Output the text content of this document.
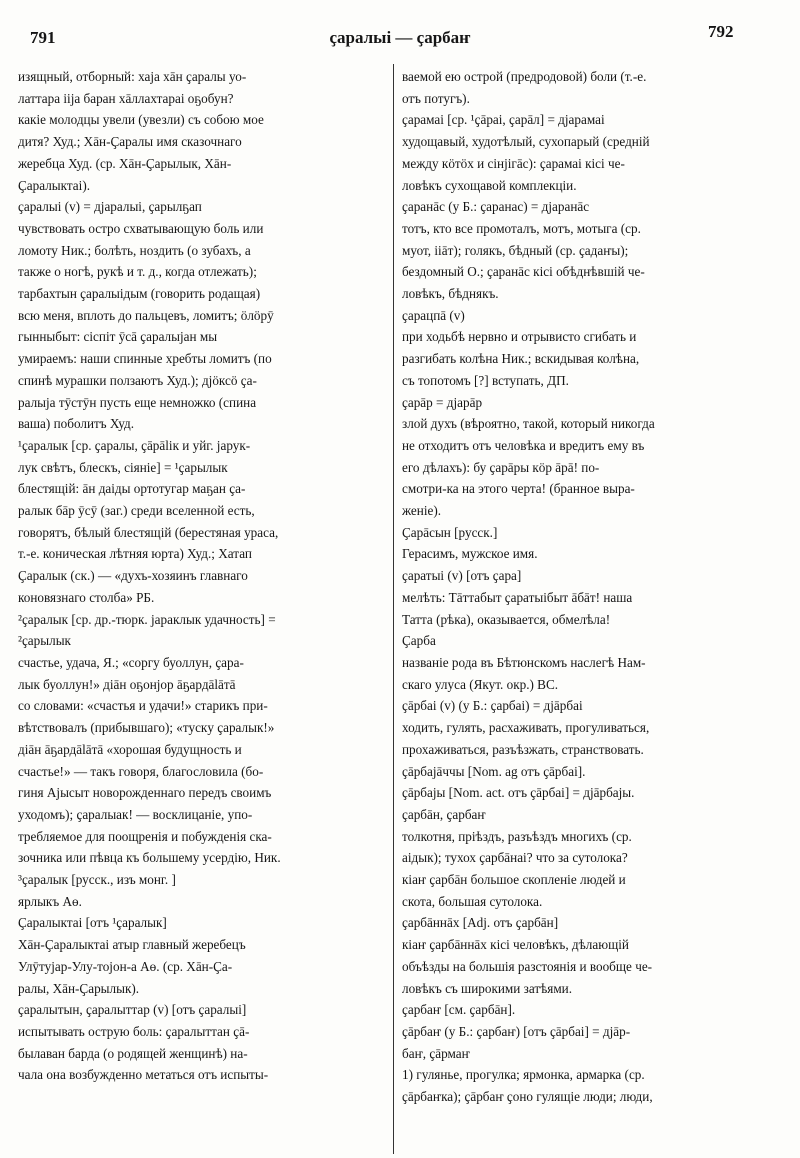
791	ҫаралыі — ҫарбаҥ	792
изящный, отборный: хаја хāн ҫаралы уо-
латтара ііја баран хāллахтараі оҕобун?
какіе молодцы увели (увезли) съ собою мое
дитя? Худ.; Хāн-Ҫаралы имя сказочнаго
жеребца Худ. (ср. Хāн-Ҫарылык, Хāн-
Ҫаралыктаі).
ҫаралыі (v) = дјаралыі, ҫарылҕап
чувствовать остро схватывающую боль или
ломоту Ник.; болѣть, ноздить (о зубахъ, а
также о ногѣ, рукѣ и т. д., когда отлежать);
тарбахтын ҫаралыідым (говорить родащая)
всю меня, вплоть до пальцевъ, ломитъ; ӧлӧрӯ
гынныбыт: сіспіт ӯсā ҫаралыјан мы
умираемъ: наши спинные хребты ломитъ (по
спинѣ мурашки ползаютъ Худ.); дјӧксӧ ҫа-
ралыја тӯстӯн пусть еще немножко (спина
ваша) поболитъ Худ.
¹ҫаралык [ср. ҫаралы, ҫāрālік и уйг. јарук-
лук свѣтъ, блескъ, сіяніе] = ¹ҫарылык
блестящій: āн даіды ортотугар маҕан ҫа-
ралык бāр ӯсӯ (заг.) среди вселенной есть,
говорятъ, бѣлый блестящій (берестяная ураса,
т.-е. коническая лѣтняя юрта) Худ.; Хатап
Ҫаралык (ск.) — «духъ-хозяинъ главнаго
коновязнаго столба» РБ.
²ҫаралык [ср. др.-тюрк. јараклык удачность] =
²ҫарылык
счастье, удача, Я.; «соргу буоллун, ҫара-
лык буоллун!» діāн оҕонјор āҕардālāтā
со словами: «счастья и удачи!» старикъ при-
вѣтствовалъ (прибывшаго); «тускy ҫаралык!»
діāн āҕардālāтā «хорошая будущность и
счастье!» — такъ говоря, благословила (бо-
гиня Ајысыт новорожденнаго передъ своимъ
уходомъ); ҫаралыак! — восклицаніе, упо-
требляемое для поощренія и побужденія ска-
зочника или пѣвца къ большему усердію, Ник.
³ҫаралык [русск., изъ монг. ]
ярлыкъ Аө.
Ҫаралыктаі [отъ ¹ҫаралык]
Хāн-Ҫаралыктаі атыр главный жеребецъ
Улӯтујар-Улу-тојон-а Аө. (ср. Хāн-Ҫа-
ралы, Хāн-Ҫарылык).
ҫаралытын, ҫаралыттар (v) [отъ ҫаралыі]
испытывать острую боль: ҫаралыттан ҫā-
былаван барда (о родящей женщинѣ) на-
чала она возбужденно метаться отъ испыты-
ваемой ею острой (предродовой) боли (т.-е.
отъ потугъ).
ҫарамаі [ср. ¹ҫāраі, ҫарāл] = дјарамаі
худощавый, худотѣлый, сухопарый (средній
между кӧтӧх и сінјігāс): ҫарамаі кісі че-
ловѣкъ сухощавой комплекціи.
ҫаранāс (у Б.: ҫаранас) = дјаранāс
тотъ, кто все промоталъ, мотъ, мотыга (ср.
муот, ііāт); голякъ, бѣдный (ср. ҫадаҥы);
бездомный О.; ҫаранāс кісі обѣднѣвшій че-
ловѣкъ, бѣднякъ.
ҫарацпā (v)
при ходьбѣ нервно и отрывисто сгибать и
разгибать колѣна Ник.; вскидывая колѣна,
съ топотомъ [?] вступать, ДП.
ҫарāр = дјарāр
злой духъ (вѣроятно, такой, который никогда
не отходитъ отъ человѣка и вредитъ ему въ
его дѣлахъ): бу ҫарāры кӧр āрā! по-
смотри-ка на этого черта! (бранное выра-
женіе).
Ҫарāсын [русск.]
Герасимъ, мужское имя.
ҫаратыі (v) [отъ ҫара]
мелѣть: Тāттабыт ҫаратыібыт āбāт! наша
Татта (рѣка), оказывается, обмелѣла!
Ҫарба
названіе рода въ Бѣтюнскомъ наслегѣ Нам-
скаго улуса (Якут. окр.) ВС.
ҫāрбаі (v) (у Б.: ҫарбаі) = дјāрбаі
ходить, гулять, расхаживать, прогуливаться,
прохаживаться, разъѣзжать, странствовать.
ҫāрбајāччы [Nom. ag отъ ҫāрбаі].
ҫāрбајы [Nom. act. отъ ҫāрбаі] = дјāрбајы.
ҫарбāн, ҫарбаҥ
толкотня, пріѣздъ, разъѣздъ многихъ (ср.
аідык); тухох ҫарбāнаі? что за сутолока?
кіаҥ ҫарбāн большое скопленіе людей и
скота, большая сутолока.
ҫарбāннāх [Adj. отъ ҫарбāн]
кіаҥ ҫарбāннāх кісі человѣкъ, дѣлающій
объѣзды на большія разстоянія и вообще че-
ловѣкъ съ широкими затѣями.
ҫарбаҥ [см. ҫарбāн].
ҫāрбаҥ (у Б.: ҫарбаҥ) [отъ ҫāрбаі] = дјāр-
баҥ, ҫāрмаҥ
1) гулянье, прогулка; ярмонка, армарка (ср.
ҫāрбаҥка); ҫāрбаҥ ҫоно гулящіе люди; люди,
